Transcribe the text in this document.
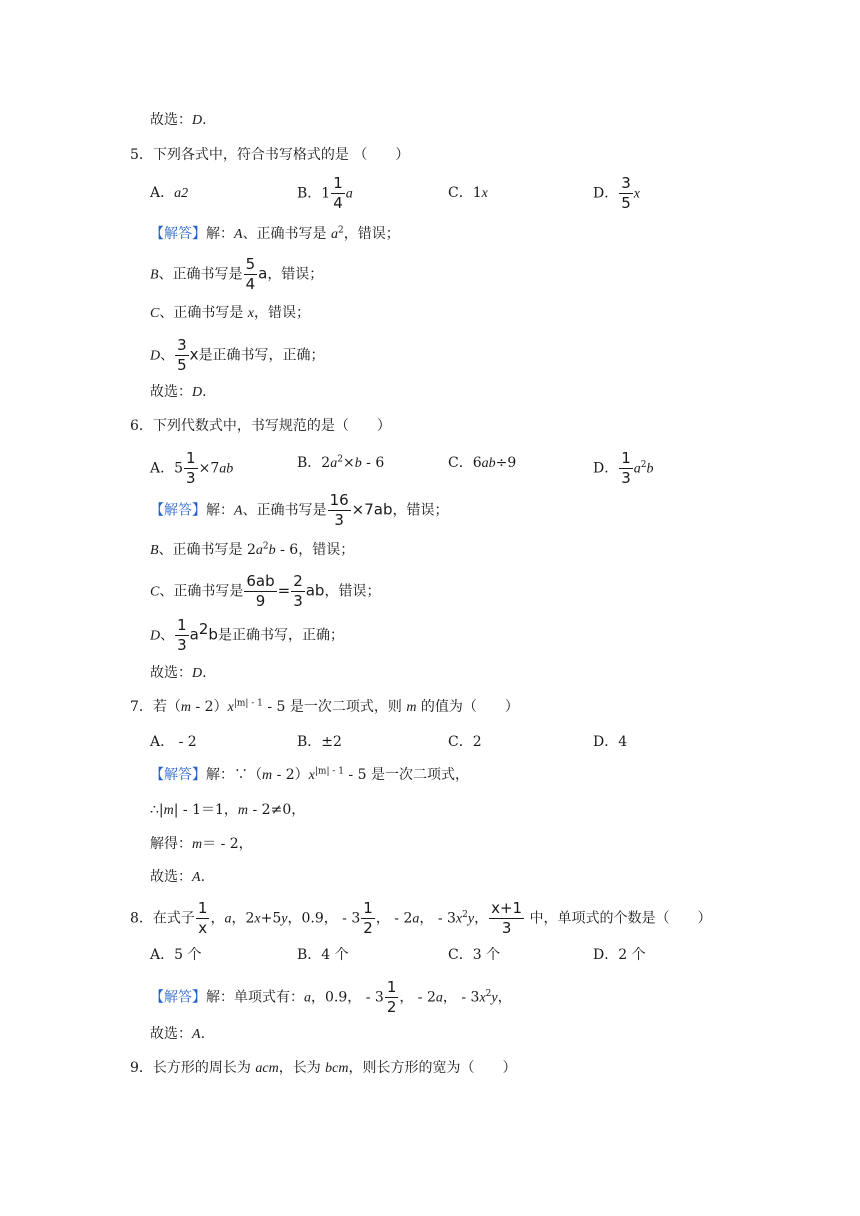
故选：D.
5．下列各式中，符合书写格式的是 （　　）
A．a2	B．$1 \frac{1}{4}$ a	C．1x	D． $\frac{3}{5}$ x
【解答】解：A、正确书写是 $a^2$，错误；
B、正确书写是 $\frac{5}{4}$ a，错误；
C、正确书写是 x，错误；
D、 $\frac{3}{5}$ x是正确书写，正确；
故选：D.
6．下列代数式中，书写规范的是（　　）
A．$5 \frac{1}{3} \times 7ab$	B．$2a^2\times b - 6$	C．6ab÷9	D． $\frac{1}{3} a^2b$
【解答】解：A、正确书写是 $\frac{16}{3} \times 7ab$，错误；
B、正确书写是 $2a^2b - 6$，错误；
C、正确书写是 $\frac{6ab}{9} = \frac{2}{3}$ ab，错误；
D、 $\frac{1}{3} a^2b$是正确书写，正确；
故选：D.
7．若$(m - 2)x^{|m| - 1} - 5$ 是一次二项式，则 m 的值为（　　）
A． - 2	B．±2	C．2	D．4
【解答】解：∵（m - $2)x^{|m| - 1} - 5$ 是一次二项式，
∴|m| - 1＝1，m - 2≠0，
解得：m＝ - 2，
故选：A.
8．在式子 $\frac{1}{x}$ ，a，2x+5y，0.9， - $3 \frac{1}{2}$ ， - 2a， - $3x^2y$， $\frac{x+1}{3}$ 中，单项式的个数是（　　）
A．5 个	B．4 个	C．3 个	D．2 个
【解答】解：单项式有：a，0.9， - $3 \frac{1}{2}$ ， - 2a， - $3x^2y$，
故选：A.
9．长方形的周长为 acm，长为 bcm，则长方形的宽为（　　）
